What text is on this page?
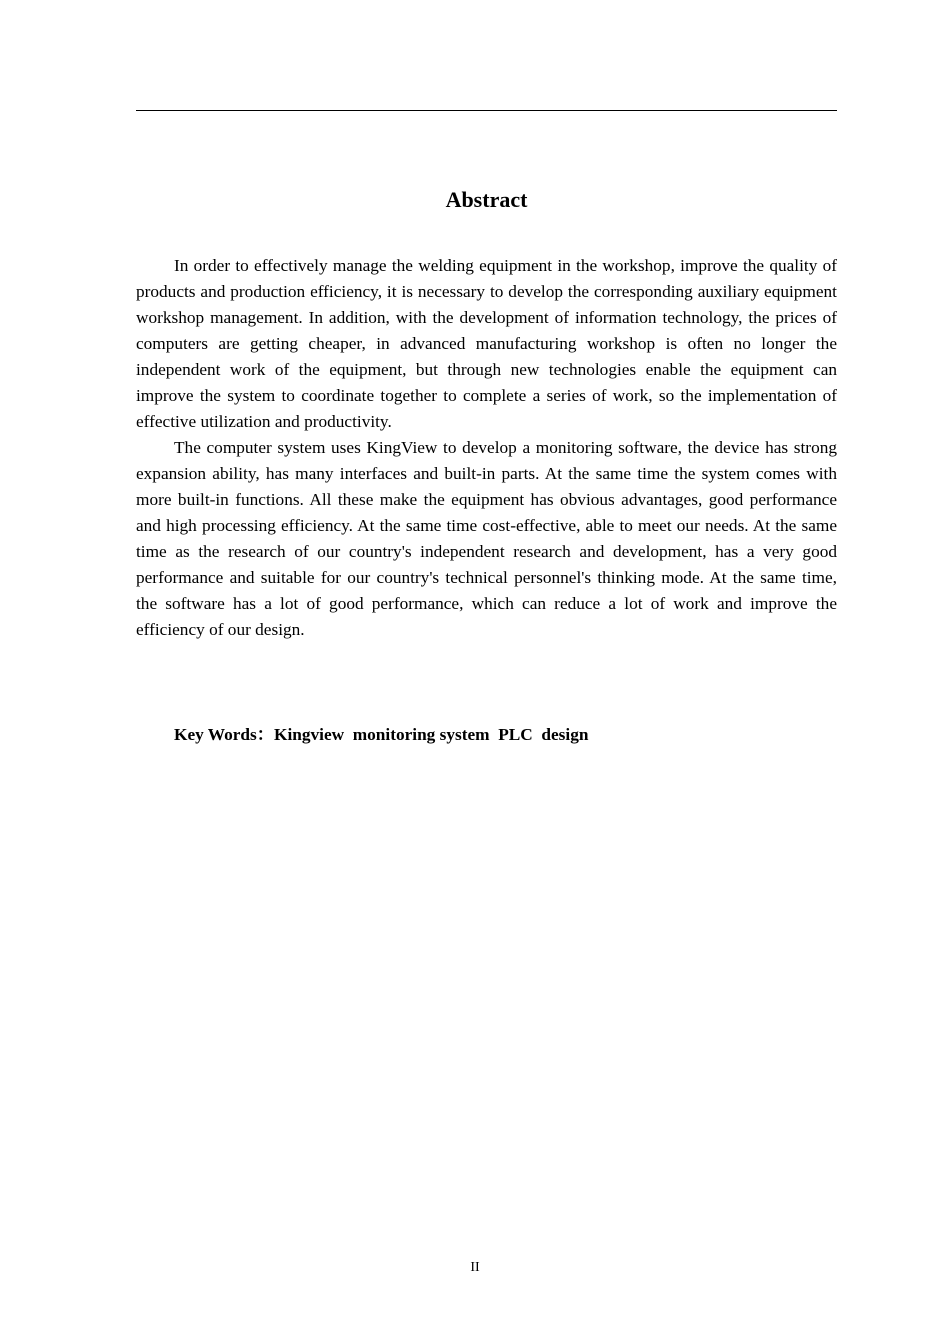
Abstract

In order to effectively manage the welding equipment in the workshop, improve the quality of products and production efficiency, it is necessary to develop the corresponding auxiliary equipment workshop management. In addition, with the development of information technology, the prices of computers are getting cheaper, in advanced manufacturing workshop is often no longer the independent work of the equipment, but through new technologies enable the equipment can improve the system to coordinate together to complete a series of work, so the implementation of effective utilization and productivity.

The computer system uses KingView to develop a monitoring software, the device has strong expansion ability, has many interfaces and built-in parts. At the same time the system comes with more built-in functions. All these make the equipment has obvious advantages, good performance and high processing efficiency. At the same time cost-effective, able to meet our needs. At the same time as the research of our country's independent research and development, has a very good performance and suitable for our country's technical personnel's thinking mode. At the same time, the software has a lot of good performance, which can reduce a lot of work and improve the efficiency of our design.

Key Words：Kingview  monitoring system  PLC  design
II
